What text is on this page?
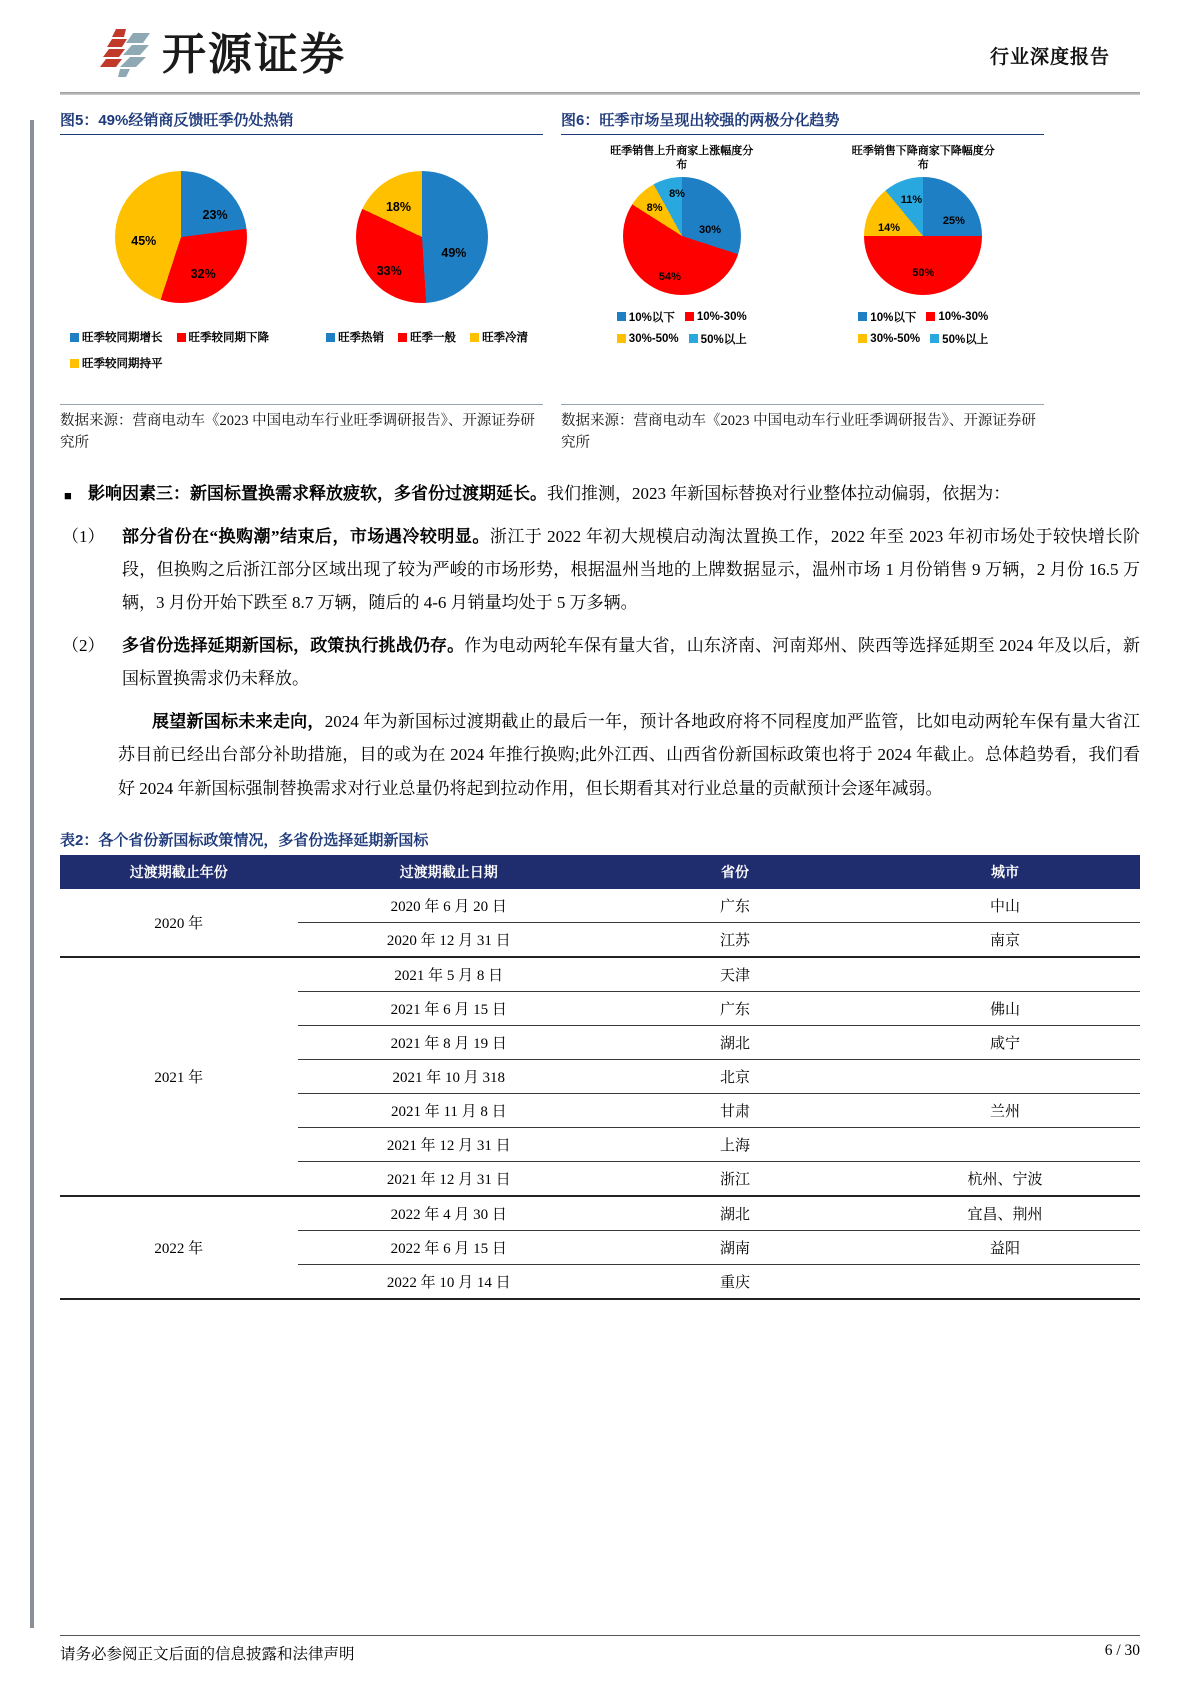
开源证券	行业深度报告
图5：49%经销商反馈旺季仍处热销
23%
32%
45%
49%
33%
18%
旺季较同期增长 旺季较同期下降
旺季较同期持平
旺季热销 旺季一般 旺季冷清
数据来源：营商电动车《2023 中国电动车行业旺季调研报告》、开源证券研究所
图6：旺季市场呈现出较强的两极分化趋势
旺季销售上升商家上涨幅度分布
30%
54%
8%
8%
旺季销售下降商家下降幅度分布
25%
50%
14%
11%
10%以下 10%-30%
30%-50% 50%以上
10%以下 10%-30%
30%-50% 50%以上
数据来源：营商电动车《2023 中国电动车行业旺季调研报告》、开源证券研究所
■ 影响因素三：新国标置换需求释放疲软，多省份过渡期延长。我们推测，2023 年新国标替换对行业整体拉动偏弱，依据为：
（1）	部分省份在“换购潮”结束后，市场遇冷较明显。浙江于 2022 年初大规模启动淘汰置换工作，2022 年至 2023 年初市场处于较快增长阶段，但换购之后浙江部分区域出现了较为严峻的市场形势，根据温州当地的上牌数据显示，温州市场 1 月份销售 9 万辆，2 月份 16.5 万辆，3 月份开始下跌至 8.7 万辆，随后的 4-6 月销量均处于 5 万多辆。
（2）	多省份选择延期新国标，政策执行挑战仍存。作为电动两轮车保有量大省，山东济南、河南郑州、陕西等选择延期至 2024 年及以后，新国标置换需求仍未释放。
展望新国标未来走向，2024 年为新国标过渡期截止的最后一年，预计各地政府将不同程度加严监管，比如电动两轮车保有量大省江苏目前已经出台部分补助措施，目的或为在 2024 年推行换购;此外江西、山西省份新国标政策也将于 2024 年截止。总体趋势看，我们看好 2024 年新国标强制替换需求对行业总量仍将起到拉动作用，但长期看其对行业总量的贡献预计会逐年减弱。
表2：各个省份新国标政策情况，多省份选择延期新国标
过渡期截止年份	过渡期截止日期	省份	城市
2020 年	2020 年 6 月 20 日	广东	中山
	2020 年 12 月 31 日	江苏	南京
2021 年	2021 年 5 月 8 日	天津	
	2021 年 6 月 15 日	广东	佛山
	2021 年 8 月 19 日	湖北	咸宁
	2021 年 10 月 318	北京	
	2021 年 11 月 8 日	甘肃	兰州
	2021 年 12 月 31 日	上海	
	2021 年 12 月 31 日	浙江	杭州、宁波
2022 年	2022 年 4 月 30 日	湖北	宜昌、荆州
	2022 年 6 月 15 日	湖南	益阳
	2022 年 10 月 14 日	重庆	
请务必参阅正文后面的信息披露和法律声明	6 / 30
